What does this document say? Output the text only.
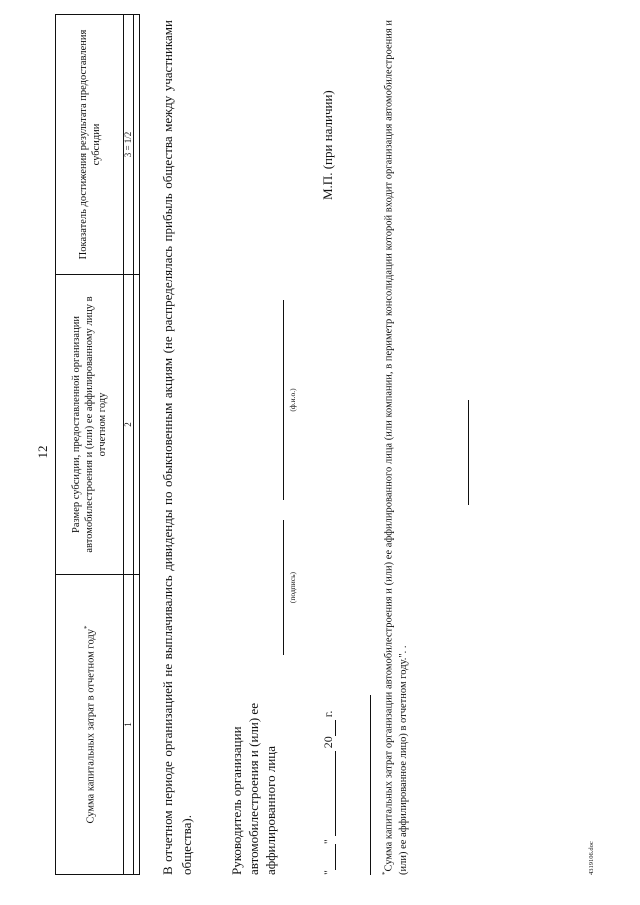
12
Сумма капитальных затрат в отчетном году*	Размер субсидии, предоставленной организации автомобилестроения и (или) ее аффилированному лицу в отчетном году	Показатель достижения результата предоставления субсидии
1	2	3 = 1/2
		В отчетном периоде организацией не выплачивались дивиденды по обыкновенным акциям (не распределялась прибыль общества между участниками общества).	Руководитель организации автомобилестроения и (или) ее аффилированного лица
(подпись)
(ф.и.о.)
" "   20  г.
М.П. (при наличии)
*Сумма капитальных затрат организации автомобилестроения и (или) ее аффилированного лица (или компании, в периметр консолидации которой входит организация автомобилестроения и (или) ее аффилированное лицо) в отчетном году.". .	4319106.doc
